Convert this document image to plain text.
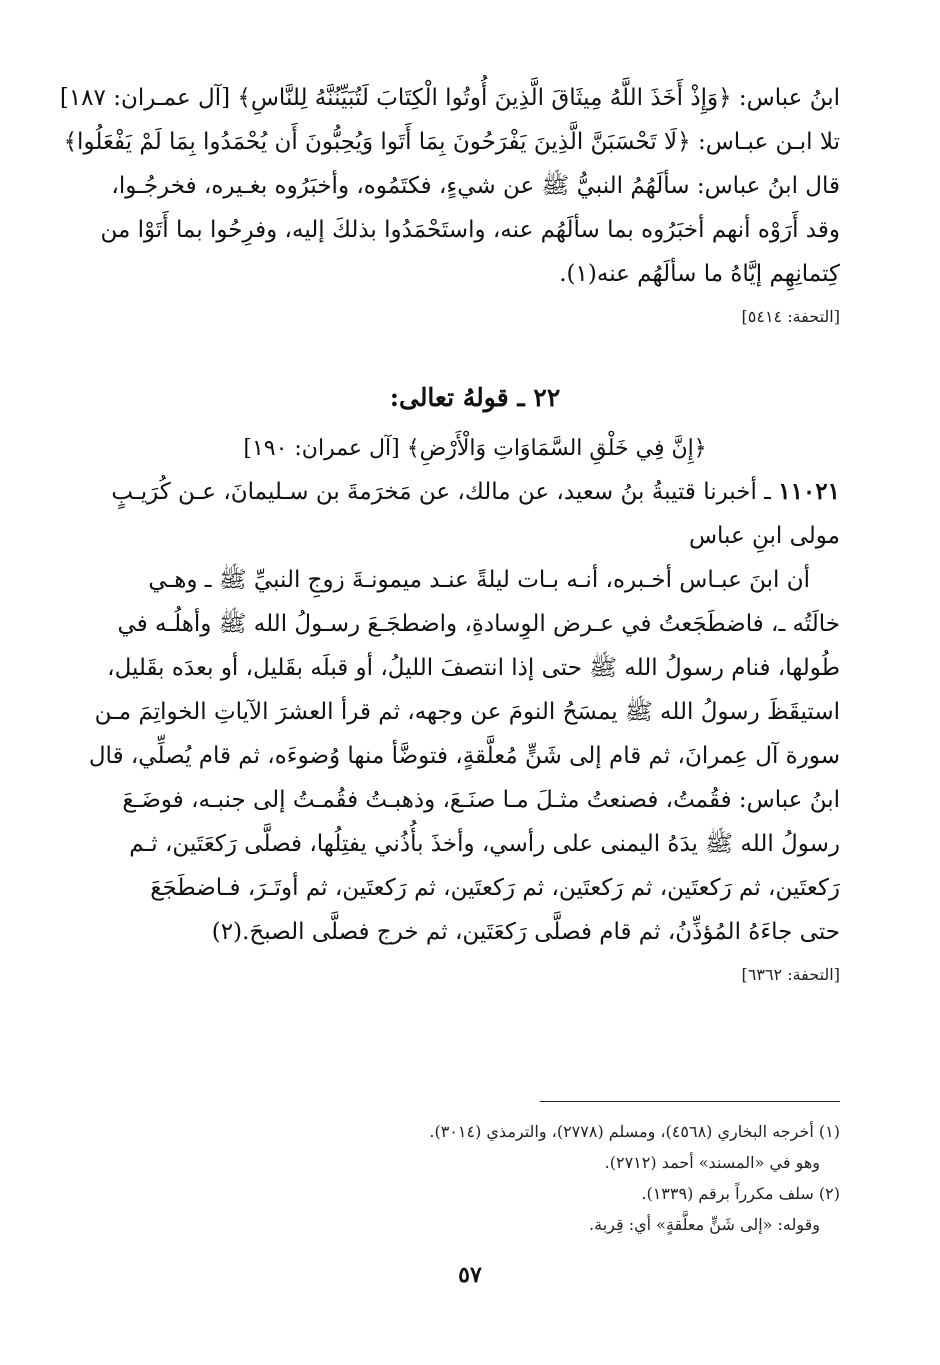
ابنُ عباس: ﴿وَإِذْ أَخَذَ اللَّهُ مِيثَاقَ الَّذِينَ أُوتُوا الْكِتَابَ لَتُبَيِّنُنَّهُ لِلنَّاسِ﴾ [آل عمـران: ١٨٧]
تلا ابـن عبـاس: ﴿لَا تَحْسَبَنَّ الَّذِينَ يَفْرَحُونَ بِمَا أَتَوا وَيُحِبُّونَ أَن يُحْمَدُوا بِمَا لَمْ يَفْعَلُوا﴾
قال ابنُ عباس: سألَهُمُ النبيُّ ﷺ عن شيءٍ، فكتَمُوه، وأخبَرُوه بغـيره، فخرجُـوا،
وقد أَرَوْه أنهم أخبَرُوه بما سألَهُم عنه، واستَحْمَدُوا بذلكَ إليه، وفرِحُوا بما أَتَوْا من
كِتمانِهِم إيَّاهُ ما سألَهُم عنه(١).
[التحفة: ٥٤١٤]
٢٢ ـ قولهُ تعالى:
﴿إِنَّ فِي خَلْقِ السَّمَاوَاتِ وَالْأَرْضِ﴾ [آل عمران: ١٩٠]
١١٠٢١ ـ أخبرنا قتيبةُ بنُ سعيد، عن مالك، عن مَخرَمةَ بن سـليمانَ، عـن كُرَيـبٍ
مولى ابنِ عباس
أن ابنَ عبـاس أخـبره، أنـه بـات ليلةً عنـد ميمونـةَ زوجِ النبيِّ ﷺ ـ وهـي
خالَتُه ـ، فاضطَجَعتُ في عـرض الوِسادةِ، واضطجَـعَ رسـولُ الله ﷺ وأهلُـه في
طُولها، فنام رسولُ الله ﷺ حتى إذا انتصفَ الليلُ، أو قبلَه بقَليل، أو بعدَه بقَليل،
استيقَظَ رسولُ الله ﷺ يمسَحُ النومَ عن وجهه، ثم قرأ العشرَ الآياتِ الخواتِمَ مـن
سورة آل عِمرانَ، ثم قام إلى شَنٍّ مُعلَّقةٍ، فتوضَّأ منها وُضوءَه، ثم قام يُصلِّي، قال
ابنُ عباس: فقُمتُ، فصنعتُ مثـلَ مـا صنَـعَ، وذهبـتُ فقُمـتُ إلى جنبـه، فوضَـعَ
رسولُ الله ﷺ يدَهُ اليمنى على رأسي، وأخذَ بأُذُني يفتِلُها، فصلَّى رَكعَتَين، ثـم
رَكعتَين، ثم رَكعتَين، ثم رَكعتَين، ثم رَكعتَين، ثم رَكعتَين، ثم أوتَـرَ، فـاضطَجَعَ
حتى جاءَهُ المُؤذِّنُ، ثم قام فصلَّى رَكعَتَين، ثم خرج فصلَّى الصبحَ.(٢)
[التحفة: ٦٣٦٢]
(١) أخرجه البخاري (٤٥٦٨)، ومسلم (٢٧٧٨)، والترمذي (٣٠١٤).
وهو في «المسند» أحمد (٢٧١٢).
(٢) سلف مكرراً برقم (١٣٣٩).
وقوله: «إلى شَنٍّ معلَّقةٍ» أي: قِربة.
٥٧
